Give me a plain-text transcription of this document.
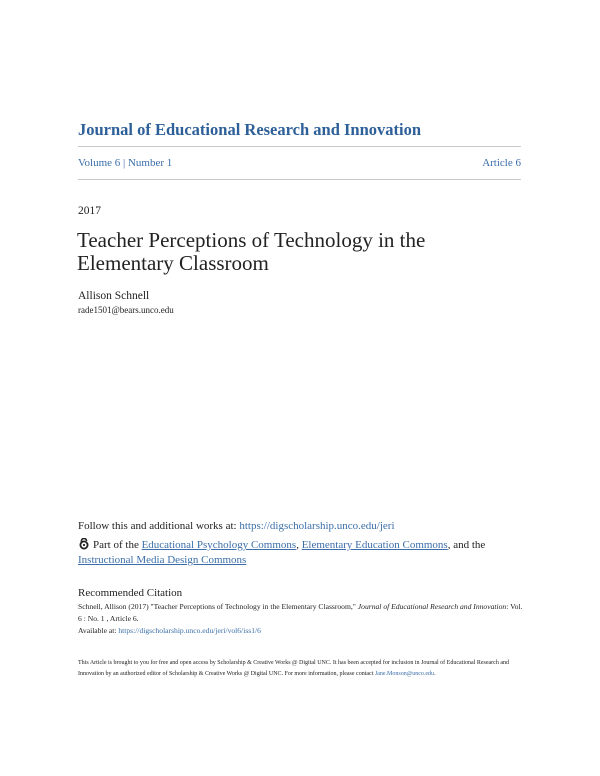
Journal of Educational Research and Innovation
Volume 6 | Number 1	Article 6
2017
Teacher Perceptions of Technology in the
Elementary Classroom
Allison Schnell
rade1501@bears.unco.edu
Follow this and additional works at: https://digscholarship.unco.edu/jeri
Part of the Educational Psychology Commons, Elementary Education Commons, and the
Instructional Media Design Commons
Recommended Citation
Schnell, Allison (2017) "Teacher Perceptions of Technology in the Elementary Classroom," Journal of Educational Research and Innovation: Vol. 6 : No. 1 , Article 6.
Available at: https://digscholarship.unco.edu/jeri/vol6/iss1/6
This Article is brought to you for free and open access by Scholarship & Creative Works @ Digital UNC. It has been accepted for inclusion in Journal of Educational Research and Innovation by an authorized editor of Scholarship & Creative Works @ Digital UNC. For more information, please contact Jane.Monson@unco.edu.
